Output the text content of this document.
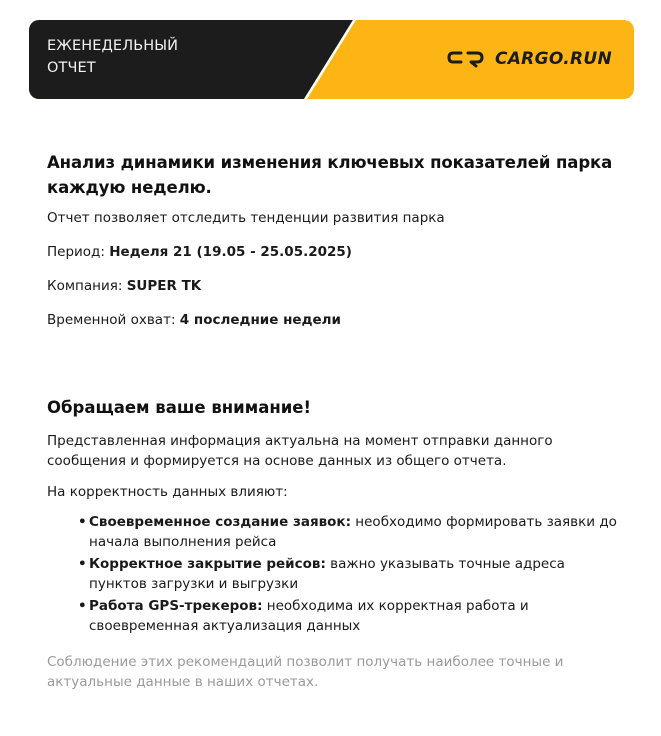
ЕЖЕНЕДЕЛЬНЫЙ
ОТЧЕТ	CARGO.RUN
Анализ динамики изменения ключевых показателей парка каждую неделю.

Отчет позволяет отследить тенденции развития парка

Период: Неделя 21 (19.05 - 25.05.2025)

Компания: SUPER TK

Временной охват: 4 последние недели

Обращаем ваше внимание!

Представленная информация актуальна на момент отправки данного сообщения и формируется на основе данных из общего отчета.

На корректность данных влияют:

• Своевременное создание заявок: необходимо формировать заявки до начала выполнения рейса
• Корректное закрытие рейсов: важно указывать точные адреса пунктов загрузки и выгрузки
• Работа GPS-трекеров: необходима их корректная работа и своевременная актуализация данных

Соблюдение этих рекомендаций позволит получать наиболее точные и актуальные данные в наших отчетах.
